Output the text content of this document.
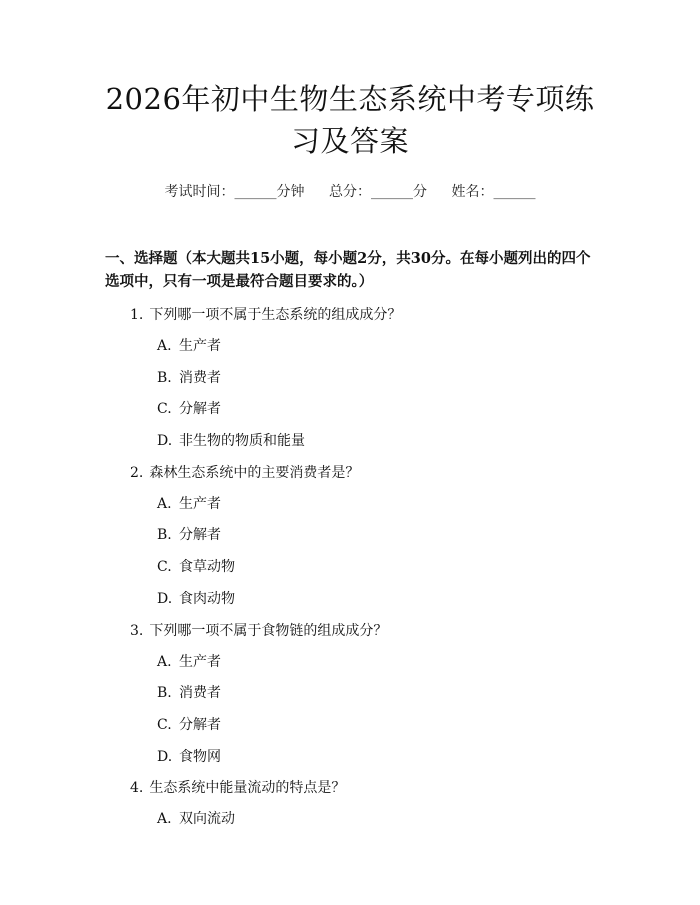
2026年初中生物生态系统中考专项练习及答案
考试时间：______分钟 总分：______分 姓名：______
一、选择题（本大题共15小题，每小题2分，共30分。在每小题列出的四个选项中，只有一项是最符合题目要求的。）
1. 下列哪一项不属于生态系统的组成成分？
A. 生产者
B. 消费者
C. 分解者
D. 非生物的物质和能量
2. 森林生态系统中的主要消费者是？
A. 生产者
B. 分解者
C. 食草动物
D. 食肉动物
3. 下列哪一项不属于食物链的组成成分？
A. 生产者
B. 消费者
C. 分解者
D. 食物网
4. 生态系统中能量流动的特点是？
A. 双向流动
